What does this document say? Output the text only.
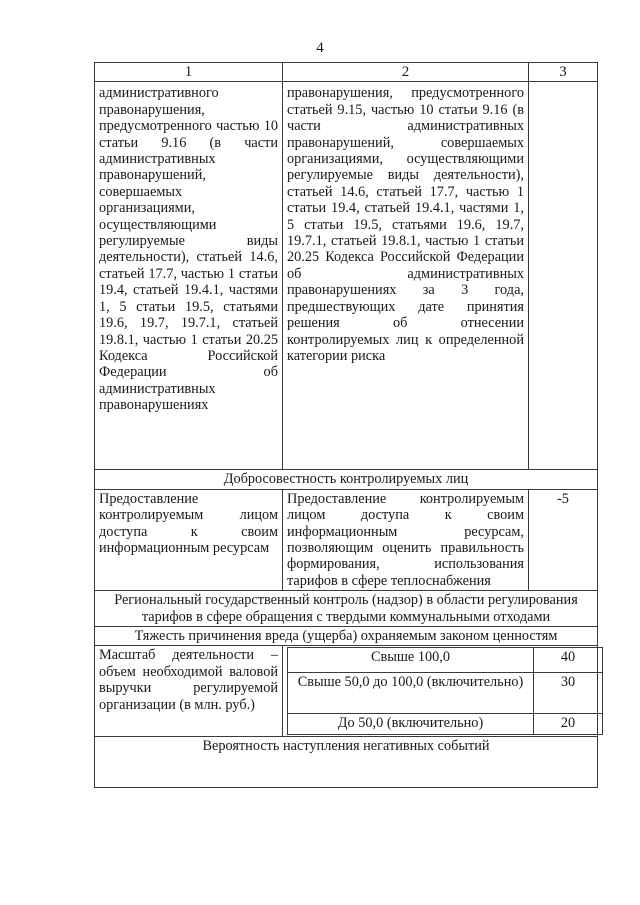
4
1	2	3
административного правонарушения, предусмотренного частью 10 статьи 9.16 (в части административных правонарушений, совершаемых организациями, осуществляющими регулируемые виды деятельности), статьей 14.6, статьей 17.7, частью 1 статьи 19.4, статьей 19.4.1, частями 1, 5 статьи 19.5, статьями 19.6, 19.7, 19.7.1, статьей 19.8.1, частью 1 статьи 20.25 Кодекса Российской Федерации об административных правонарушениях	правонарушения, предусмотренного статьей 9.15, частью 10 статьи 9.16 (в части административных правонарушений, совершаемых организациями, осуществляющими регулируемые виды деятельности), статьей 14.6, статьей 17.7, частью 1 статьи 19.4, статьей 19.4.1, частями 1, 5 статьи 19.5, статьями 19.6, 19.7, 19.7.1, статьей 19.8.1, частью 1 статьи 20.25 Кодекса Российской Федерации об административных правонарушениях за 3 года, предшествующих дате принятия решения об отнесении контролируемых лиц к определенной категории риска	
Добросовестность контролируемых лиц
Предоставление контролируемым лицом доступа к своим информационным ресурсам	Предоставление контролируемым лицом доступа к своим информационным ресурсам, позволяющим оценить правильность формирования, использования тарифов в сфере теплоснабжения	-5
Региональный государственный контроль (надзор) в области регулирования тарифов в сфере обращения с твердыми коммунальными отходами
Тяжесть причинения вреда (ущерба) охраняемым законом ценностям
Масштаб деятельности – объем необходимой валовой выручки регулируемой организации (в млн. руб.)	
Свыше 100,0	40
Свыше 50,0 до 100,0 (включительно)	30
До 50,0 (включительно)	20

Вероятность наступления негативных событий
